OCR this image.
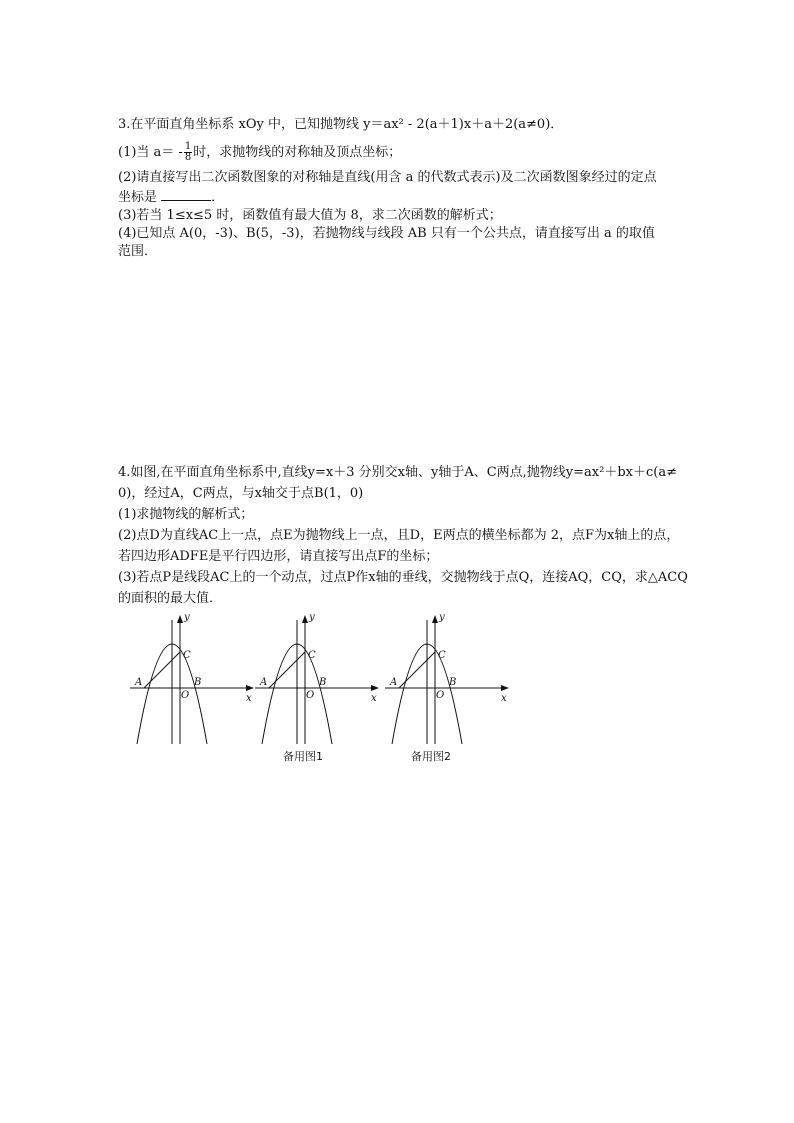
3.在平面直角坐标系 xOy 中，已知抛物线 y＝ax² - 2(a＋1)x＋a＋2(a≠0)．
(1)当 $a= - \frac{1}{8}$ 时，求抛物线的对称轴及顶点坐标；
(2)请直接写出二次函数图象的对称轴是直线(用含 a 的代数式表示)及二次函数图象经过的定点
坐标是	．
(3)若当 1≤x≤5 时，函数值有最大值为 8，求二次函数的解析式；
(4)已知点 A(0，-3)、B(5，-3)，若抛物线与线段 AB 只有一个公共点，请直接写出 a 的取值
范围．
4.如图,在平面直角坐标系中,直线y=x＋3 分别交x轴、y轴于A、C两点,抛物线y=ax²＋bx＋c(a≠
0)，经过A，C两点，与x轴交于点B(1，0)
(1)求抛物线的解析式；
(2)点D为直线AC上一点，点E为抛物线上一点，且D，E两点的横坐标都为 2，点F为x轴上的点，
若四边形ADFE是平行四边形，请直接写出点F的坐标；
(3)若点P是线段AC上的一个动点，过点P作x轴的垂线，交抛物线于点Q，连接AQ，CQ，求△ACQ
的面积的最大值．
y
x
A
C
B
O
y
x
A
C
B
O
y
x
A
C
B
O
备用图1	备用图2
